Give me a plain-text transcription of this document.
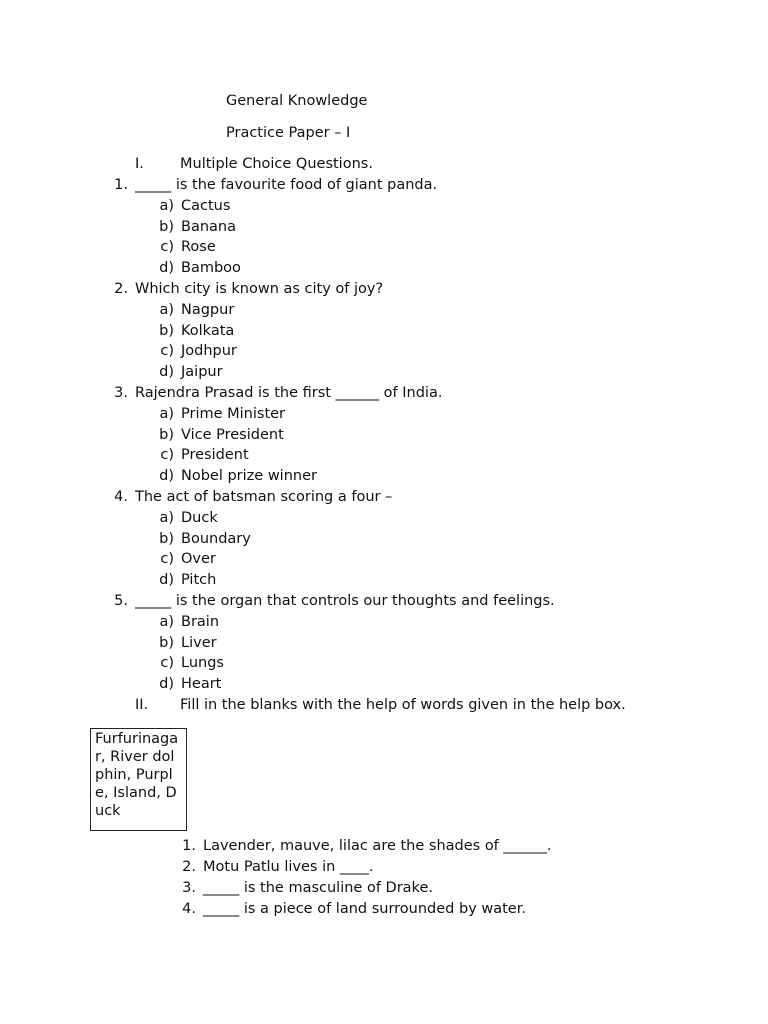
General Knowledge
Practice Paper – I
I. Multiple Choice Questions.
1. _____ is the favourite food of giant panda.
a) Cactus
b) Banana
c) Rose
d) Bamboo
2. Which city is known as city of joy?
a) Nagpur
b) Kolkata
c) Jodhpur
d) Jaipur
3. Rajendra Prasad is the first ______ of India.
a) Prime Minister
b) Vice President
c) President
d) Nobel prize winner
4. The act of batsman scoring a four –
a) Duck
b) Boundary
c) Over
d) Pitch
5. _____ is the organ that controls our thoughts and feelings.
a) Brain
b) Liver
c) Lungs
d) Heart
II. Fill in the blanks with the help of words given in the help box.
Furfurinagar, River dolphin, Purple, Island, Duck
1. Lavender, mauve, lilac are the shades of ______.
2. Motu Patlu lives in ____.
3. _____ is the masculine of Drake.
4. _____ is a piece of land surrounded by water.
